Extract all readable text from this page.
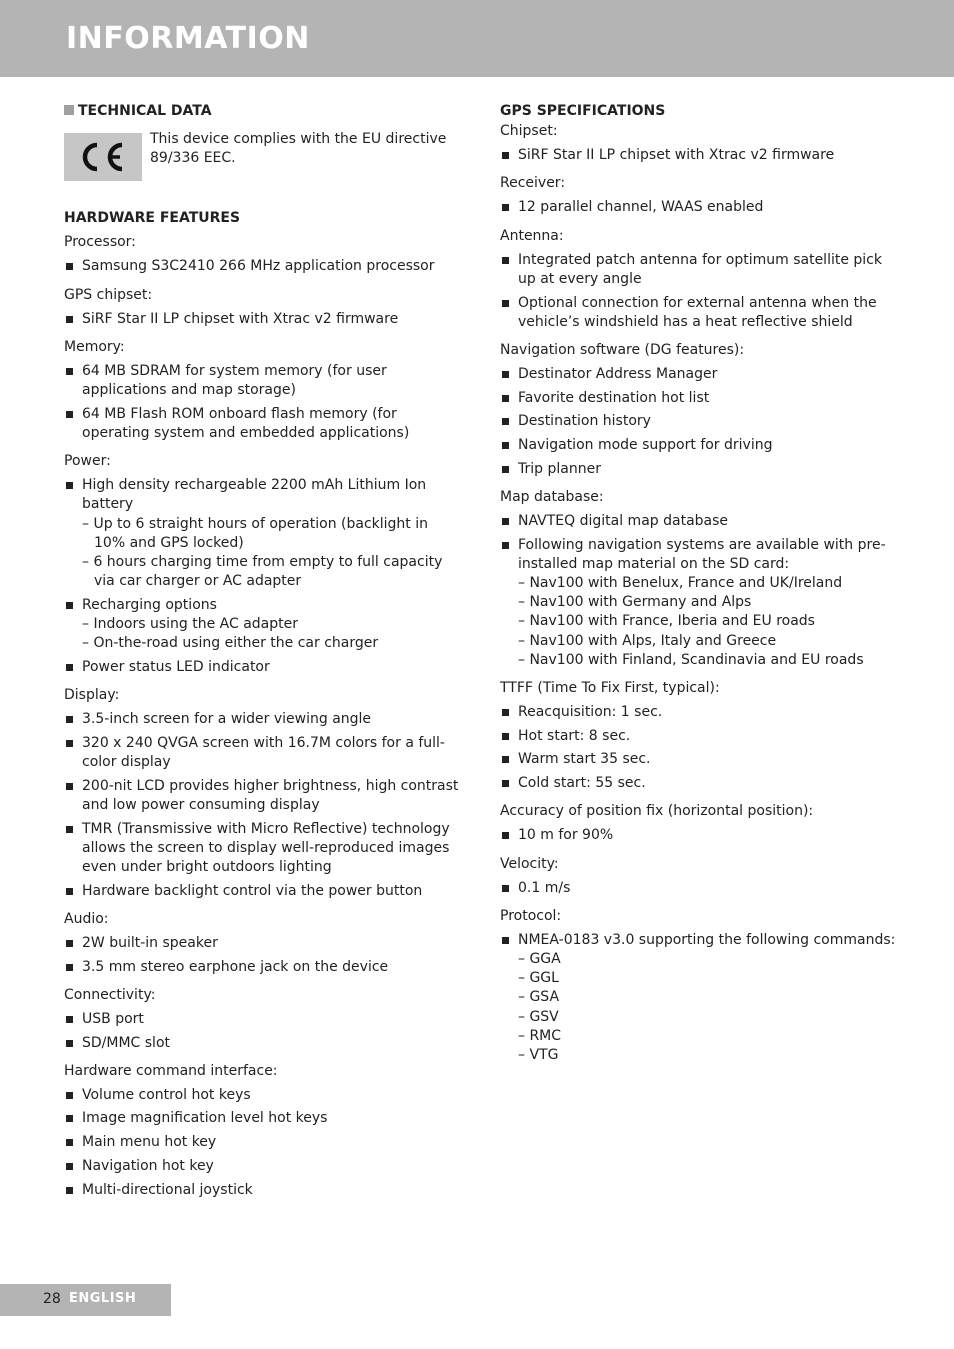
INFORMATION
TECHNICAL DATA
This device complies with the EU directive 89/336 EEC.
HARDWARE FEATURES
Processor:
Samsung S3C2410 266 MHz application processor
GPS chipset:
SiRF Star II LP chipset with Xtrac v2 firmware
Memory:
64 MB SDRAM for system memory (for user applications and map storage)
64 MB Flash ROM onboard flash memory (for operating system and embedded applications)
Power:
High density rechargeable 2200 mAh Lithium Ion battery
– Up to 6 straight hours of operation (backlight in 10% and GPS locked)
– 6 hours charging time from empty to full capacity via car charger or AC adapter
Recharging options
– Indoors using the AC adapter
– On-the-road using either the car charger
Power status LED indicator
Display:
3.5-inch screen for a wider viewing angle
320 x 240 QVGA screen with 16.7M colors for a full-color display
200-nit LCD provides higher brightness, high contrast and low power consuming display
TMR (Transmissive with Micro Reflective) technology allows the screen to display well-reproduced images even under bright outdoors lighting
Hardware backlight control via the power button
Audio:
2W built-in speaker
3.5 mm stereo earphone jack on the device
Connectivity:
USB port
SD/MMC slot
Hardware command interface:
Volume control hot keys
Image magnification level hot keys
Main menu hot key
Navigation hot key
Multi-directional joystick
GPS SPECIFICATIONS
Chipset:
SiRF Star II LP chipset with Xtrac v2 firmware
Receiver:
12 parallel channel, WAAS enabled
Antenna:
Integrated patch antenna for optimum satellite pick up at every angle
Optional connection for external antenna when the vehicle’s windshield has a heat reflective shield
Navigation software (DG features):
Destinator Address Manager
Favorite destination hot list
Destination history
Navigation mode support for driving
Trip planner
Map database:
NAVTEQ digital map database
Following navigation systems are available with pre-installed map material on the SD card:
– Nav100 with Benelux, France and UK/Ireland
– Nav100 with Germany and Alps
– Nav100 with France, Iberia and EU roads
– Nav100 with Alps, Italy and Greece
– Nav100 with Finland, Scandinavia and EU roads
TTFF (Time To Fix First, typical):
Reacquisition: 1 sec.
Hot start: 8 sec.
Warm start 35 sec.
Cold start: 55 sec.
Accuracy of position fix (horizontal position):
10 m for 90%
Velocity:
0.1 m/s
Protocol:
NMEA-0183 v3.0 supporting the following commands:
– GGA
– GGL
– GSA
– GSV
– RMC
– VTG
28 ENGLISH
